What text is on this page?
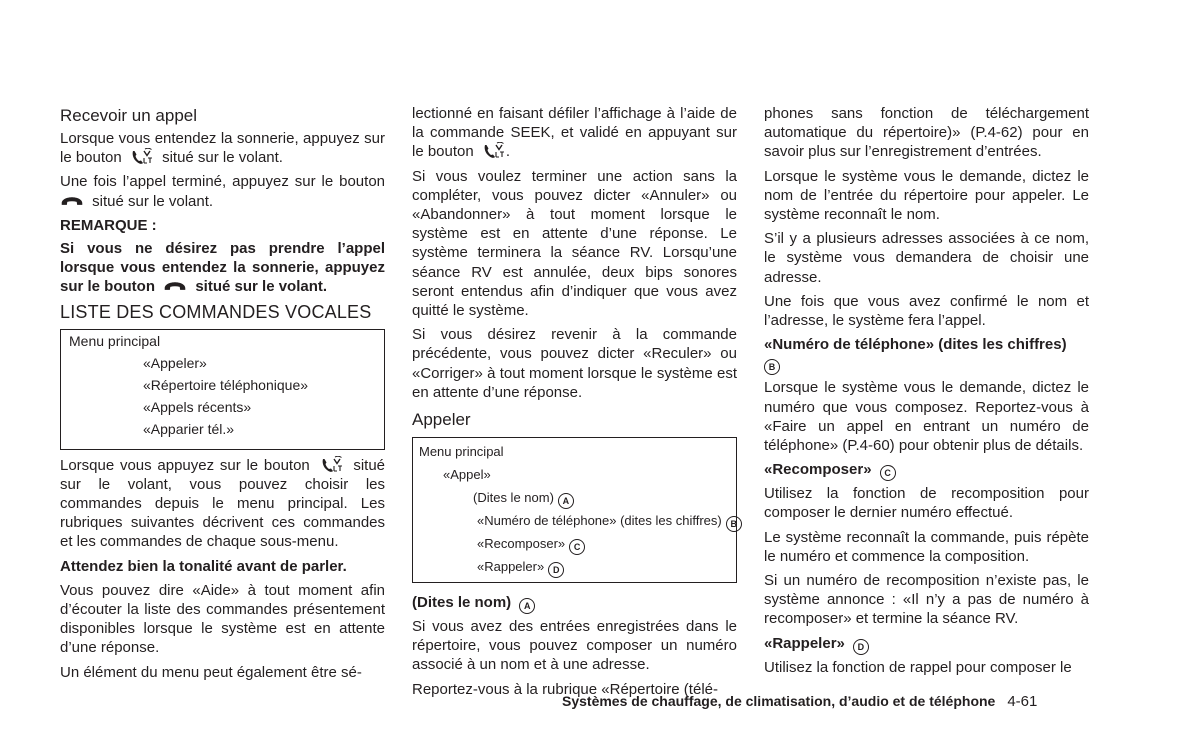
Recevoir un appel

Lorsque vous entendez la sonnerie, appuyez sur le bouton	situé sur le volant.

Une fois l’appel terminé, appuyez sur le bouton  situé sur le volant.

REMARQUE :

Si vous ne désirez pas prendre l’appel lorsque vous entendez la sonnerie, appuyez sur le bouton	situé sur le volant.

LISTE DES COMMANDES VOCALES
Menu principal
«Appeler»
«Répertoire téléphonique»
«Appels récents»
«Apparier tél.»

Lorsque vous appuyez sur le bouton	situé sur le volant, vous pouvez choisir les commandes depuis le menu principal. Les rubriques suivantes décrivent ces commandes et les commandes de chaque sous-menu.

Attendez bien la tonalité avant de parler.

Vous pouvez dire «Aide» à tout moment afin d’écouter la liste des commandes présentement disponibles lorsque le système est en attente d’une réponse.

Un élément du menu peut également être sé-

lectionné en faisant défiler l’affichage à l’aide de la commande SEEK, et validé en appuyant sur le bouton .

Si vous voulez terminer une action sans la compléter, vous pouvez dicter «Annuler» ou «Abandonner» à tout moment lorsque le système est en attente d’une réponse. Le système terminera la séance RV. Lorsqu’une séance RV est annulée, deux bips sonores seront entendus afin d’indiquer que vous avez quitté le système.

Si vous désirez revenir à la commande précédente, vous pouvez dicter «Reculer» ou «Corriger» à tout moment lorsque le système est en attente d’une réponse.

Appeler
Menu principal
«Appel»
(Dites le nom) A
«Numéro de téléphone» (dites les chiffres) B
«Recomposer» C
«Rappeler» D

(Dites le nom) A

Si vous avez des entrées enregistrées dans le répertoire, vous pouvez composer un numéro associé à un nom et à une adresse.

Reportez-vous à la rubrique «Répertoire (télé-

phones sans fonction de téléchargement automatique du répertoire)» (P.4-62) pour en savoir plus sur l’enregistrement d’entrées.

Lorsque le système vous le demande, dictez le nom de l’entrée du répertoire pour appeler. Le système reconnaît le nom.

S’il y a plusieurs adresses associées à ce nom, le système vous demandera de choisir une adresse.

Une fois que vous avez confirmé le nom et l’adresse, le système fera l’appel.

«Numéro de téléphone» (dites les chiffres)
B

Lorsque le système vous le demande, dictez le numéro que vous composez. Reportez-vous à «Faire un appel en entrant un numéro de téléphone» (P.4-60) pour obtenir plus de détails.

«Recomposer» C

Utilisez la fonction de recomposition pour composer le dernier numéro effectué.

Le système reconnaît la commande, puis répète le numéro et commence la composition.

Si un numéro de recomposition n’existe pas, le système annonce : «Il n’y a pas de numéro à recomposer» et termine la séance RV.

«Rappeler» D

Utilisez la fonction de rappel pour composer le

Systèmes de chauffage, de climatisation, d’audio et de téléphone 4-61
